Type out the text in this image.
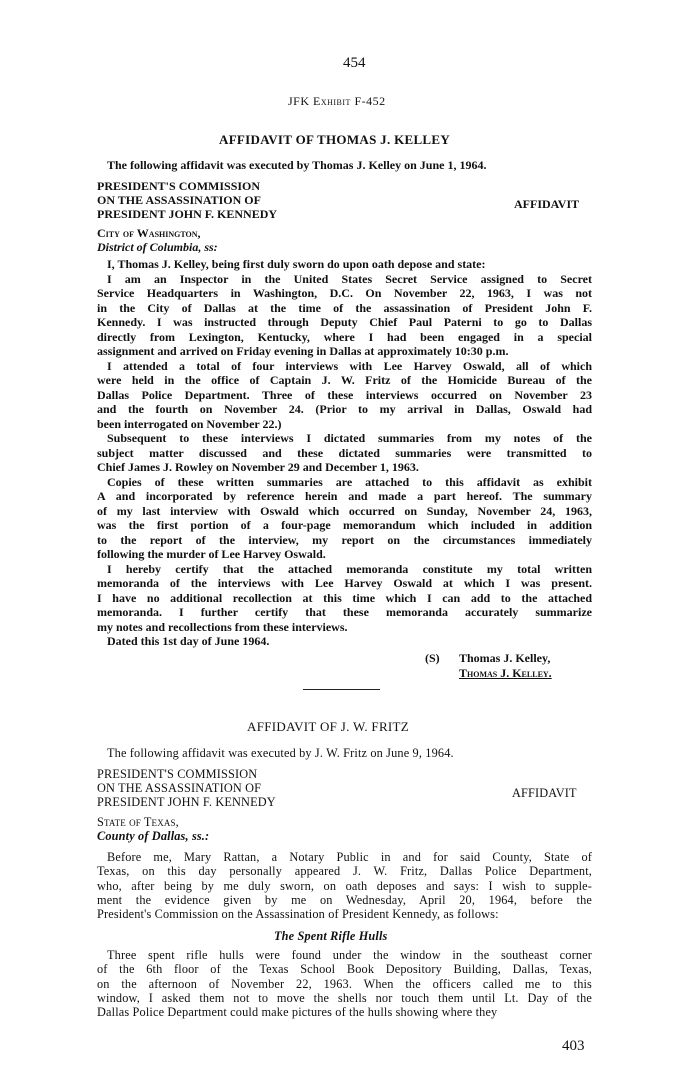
454
JFK Exhibit F-452
AFFIDAVIT OF THOMAS J. KELLEY
The following affidavit was executed by Thomas J. Kelley on June 1, 1964.
PRESIDENT'S COMMISSION
ON THE ASSASSINATION OF
PRESIDENT JOHN F. KENNEDY
AFFIDAVIT
City of Washington,
District of Columbia, ss:
I, Thomas J. Kelley, being first duly sworn do upon oath depose and state:
I am an Inspector in the United States Secret Service assigned to Secret
Service Headquarters in Washington, D.C. On November 22, 1963, I was not
in the City of Dallas at the time of the assassination of President John F.
Kennedy. I was instructed through Deputy Chief Paul Paterni to go to Dallas
directly from Lexington, Kentucky, where I had been engaged in a special
assignment and arrived on Friday evening in Dallas at approximately 10:30 p.m.
I attended a total of four interviews with Lee Harvey Oswald, all of which
were held in the office of Captain J. W. Fritz of the Homicide Bureau of the
Dallas Police Department. Three of these interviews occurred on November 23
and the fourth on November 24. (Prior to my arrival in Dallas, Oswald had
been interrogated on November 22.)
Subsequent to these interviews I dictated summaries from my notes of the
subject matter discussed and these dictated summaries were transmitted to
Chief James J. Rowley on November 29 and December 1, 1963.
Copies of these written summaries are attached to this affidavit as exhibit
A and incorporated by reference herein and made a part hereof. The summary
of my last interview with Oswald which occurred on Sunday, November 24, 1963,
was the first portion of a four-page memorandum which included in addition
to the report of the interview, my report on the circumstances immediately
following the murder of Lee Harvey Oswald.
I hereby certify that the attached memoranda constitute my total written
memoranda of the interviews with Lee Harvey Oswald at which I was present.
I have no additional recollection at this time which I can add to the attached
memoranda. I further certify that these memoranda accurately summarize
my notes and recollections from these interviews.
Dated this 1st day of June 1964.
(S) Thomas J. Kelley,
Thomas J. Kelley.
AFFIDAVIT OF J. W. FRITZ
The following affidavit was executed by J. W. Fritz on June 9, 1964.
PRESIDENT'S COMMISSION
ON THE ASSASSINATION OF
PRESIDENT JOHN F. KENNEDY
AFFIDAVIT
State of Texas,
County of Dallas, ss.:
Before me, Mary Rattan, a Notary Public in and for said County, State of
Texas, on this day personally appeared J. W. Fritz, Dallas Police Department,
who, after being by me duly sworn, on oath deposes and says: I wish to supple-
ment the evidence given by me on Wednesday, April 20, 1964, before the
President's Commission on the Assassination of President Kennedy, as follows:
The Spent Rifle Hulls
Three spent rifle hulls were found under the window in the southeast corner
of the 6th floor of the Texas School Book Depository Building, Dallas, Texas,
on the afternoon of November 22, 1963. When the officers called me to this
window, I asked them not to move the shells nor touch them until Lt. Day of the
Dallas Police Department could make pictures of the hulls showing where they
403
